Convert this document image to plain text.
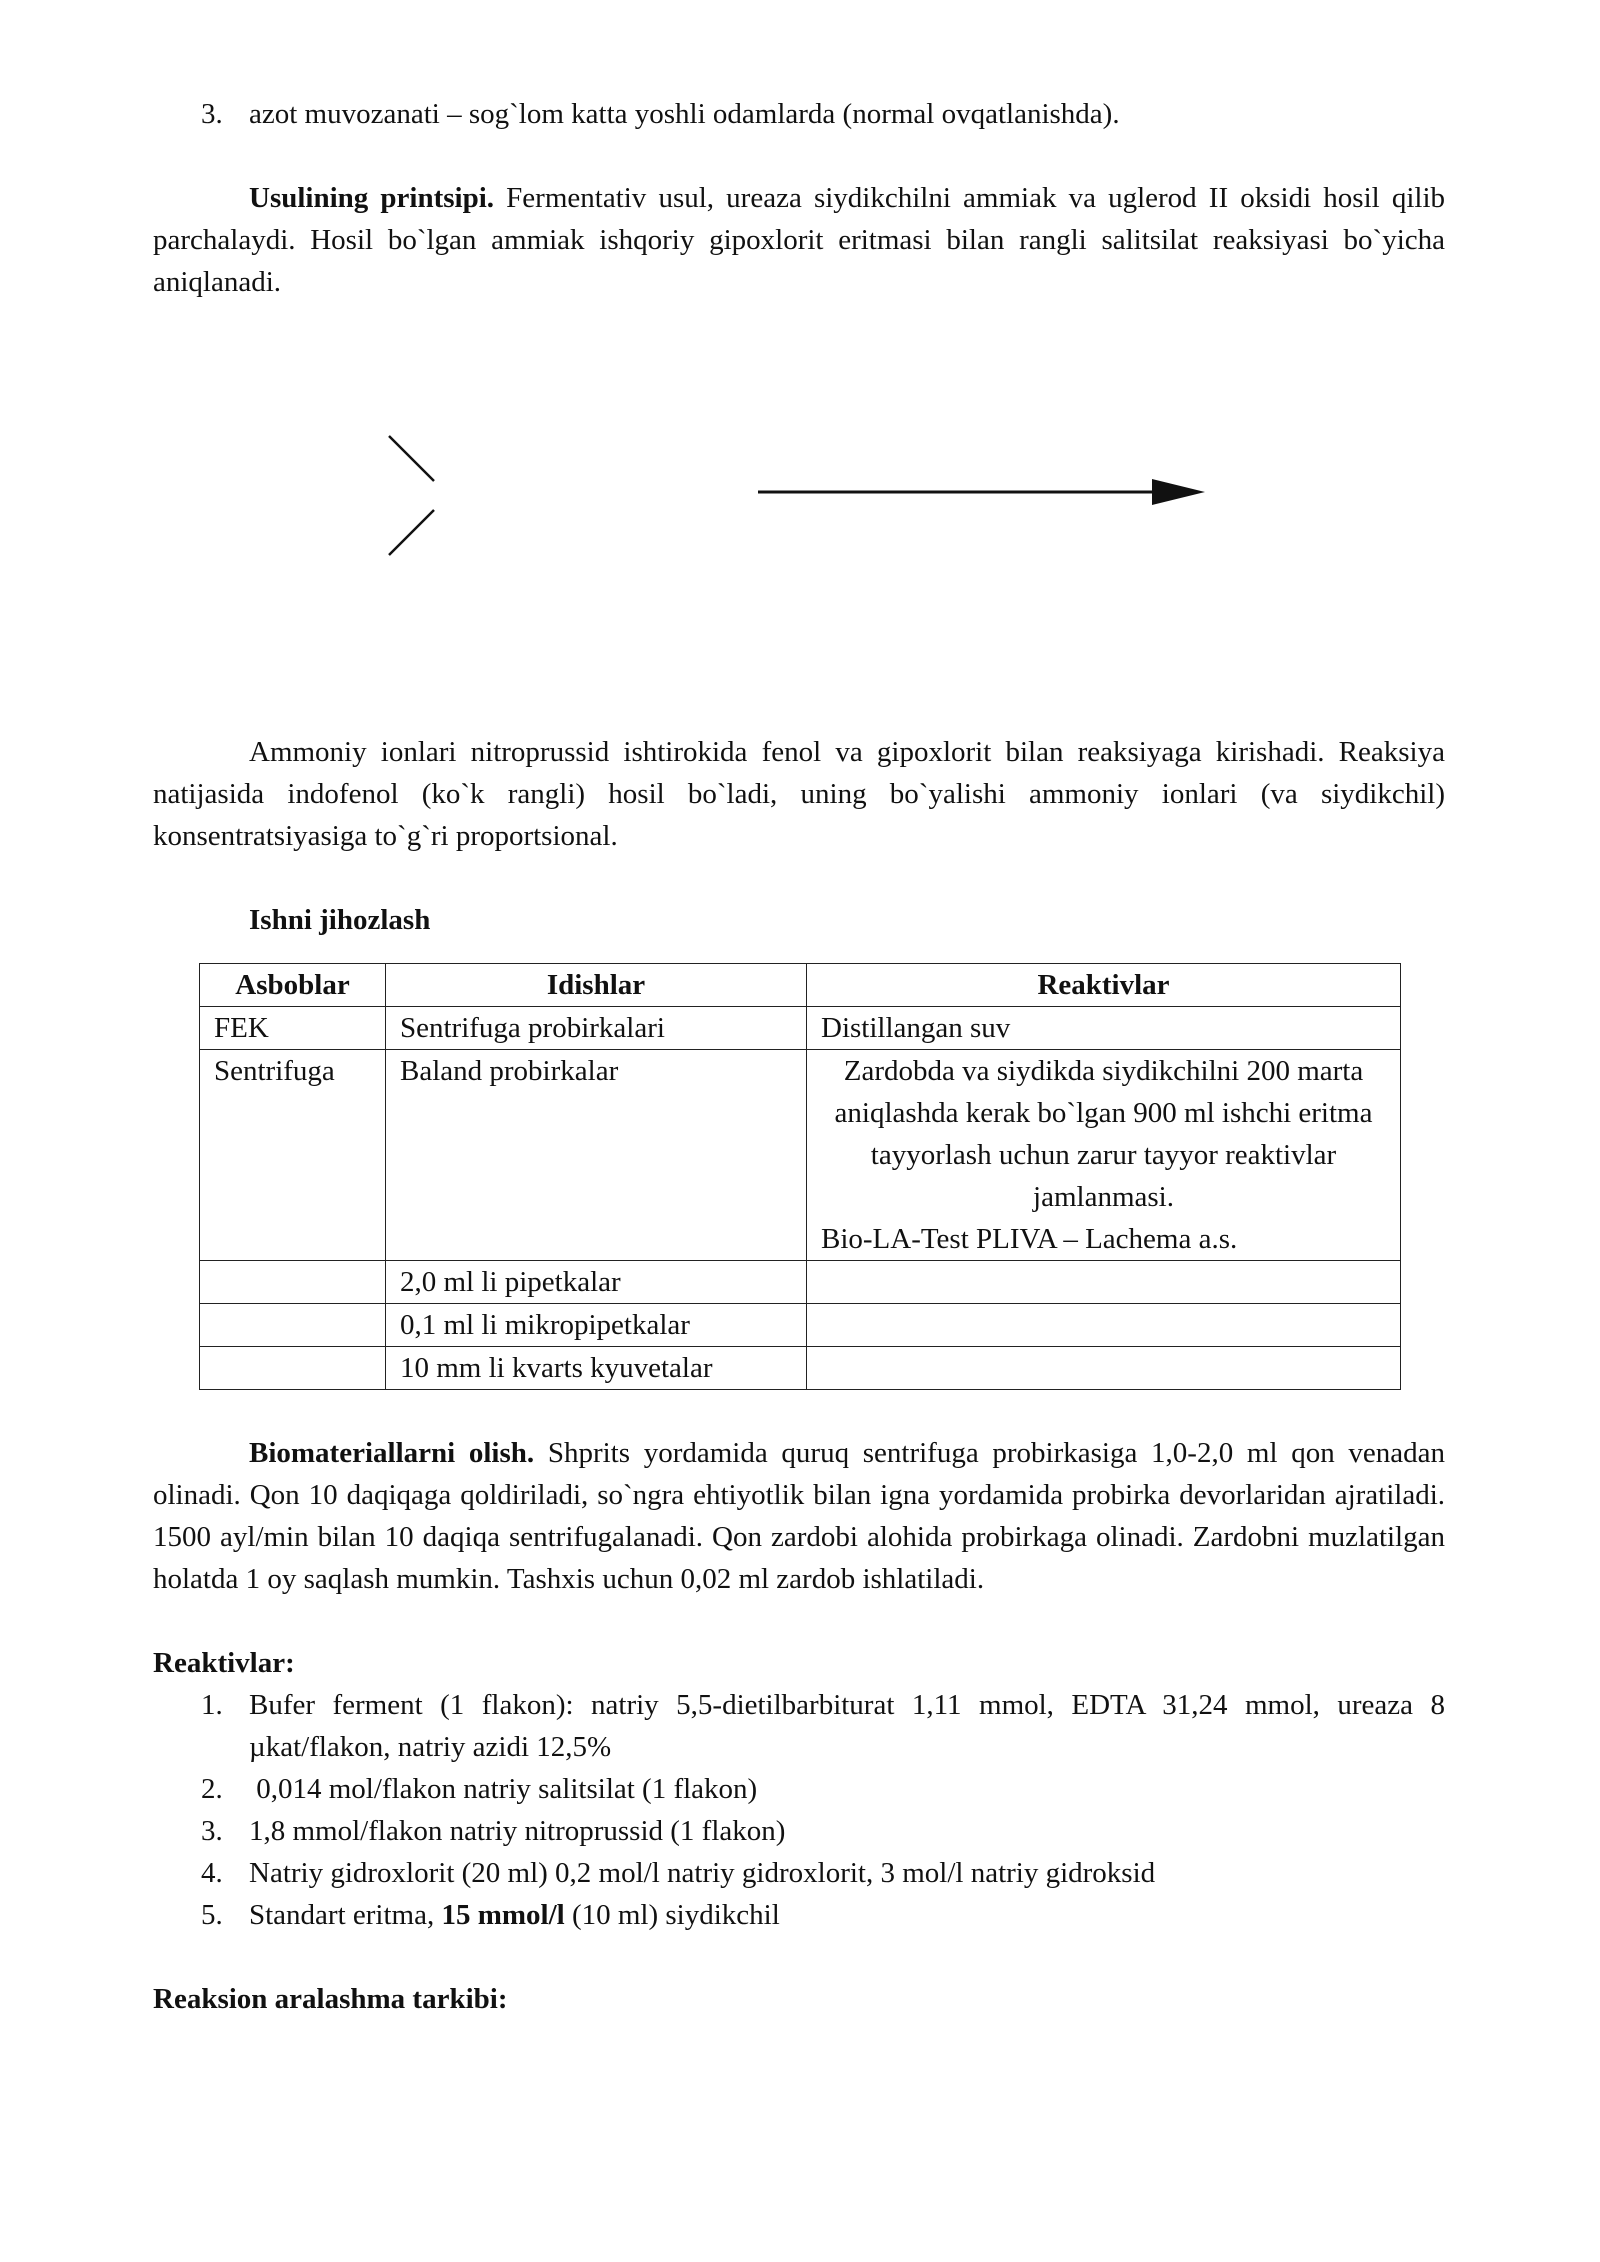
3. azot muvozanati – sog`lom katta yoshli odamlarda (normal ovqatlanishda).

Usulining printsipi. Fermentativ usul, ureaza siydikchilni ammiak va uglerod II oksidi hosil qilib parchalaydi. Hosil bo`lgan ammiak ishqoriy gipoxlorit eritmasi bilan rangli salitsilat reaksiyasi bo`yicha aniqlanadi.

Ammoniy ionlari nitroprussid ishtirokida fenol va gipoxlorit bilan reaksiyaga kirishadi. Reaksiya natijasida indofenol (ko`k rangli) hosil bo`ladi, uning bo`yalishi ammoniy ionlari (va siydikchil) konsentratsiyasiga to`g`ri proportsional.

Ishni jihozlash

Asboblar	Idishlar	Reaktivlar
FEK	Sentrifuga probirkalari	Distillangan suv
Sentrifuga	Baland probirkalar	Zardobda va siydikda siydikchilni 200 marta aniqlashda kerak bo`lgan 900 ml ishchi eritma tayyorlash uchun zarur tayyor reaktivlar jamlanmasi.
Bio-LA-Test PLIVA – Lachema a.s.

	2,0 ml li pipetkalar	
	0,1 ml li mikropipetkalar	
	10 mm li kvarts kyuvetalar	

Biomateriallarni olish. Shprits yordamida quruq sentrifuga probirkasiga 1,0-2,0 ml qon venadan olinadi. Qon 10 daqiqaga qoldiriladi, so`ngra ehtiyotlik bilan igna yordamida probirka devorlaridan ajratiladi. 1500 ayl/min bilan 10 daqiqa sentrifugalanadi. Qon zardobi alohida probirkaga olinadi. Zardobni muzlatilgan holatda 1 oy saqlash mumkin. Tashxis uchun 0,02 ml zardob ishlatiladi.

Reaktivlar:

1. Bufer ferment (1 flakon): natriy 5,5-dietilbarbiturat 1,11 mmol, EDTA 31,24 mmol, ureaza 8 µkat/flakon, natriy azidi 12,5%
2. 0,014 mol/flakon natriy salitsilat (1 flakon)
3. 1,8 mmol/flakon natriy nitroprussid (1 flakon)
4. Natriy gidroxlorit (20 ml) 0,2 mol/l natriy gidroxlorit, 3 mol/l natriy gidroksid
5. Standart eritma, 15 mmol/l (10 ml) siydikchil

Reaksion aralashma tarkibi:
